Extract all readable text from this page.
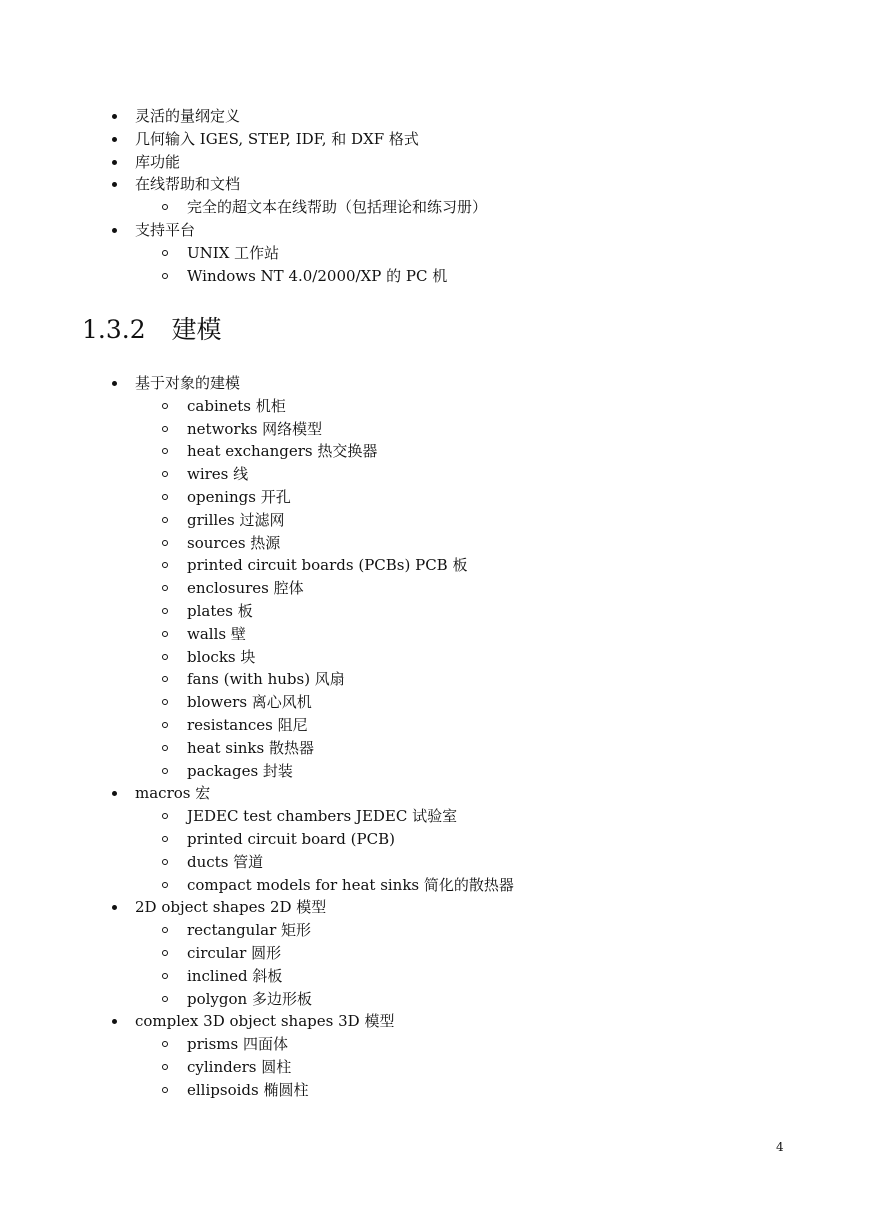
灵活的量纲定义
几何输入 IGES, STEP, IDF, 和 DXF 格式
库功能
在线帮助和文档
完全的超文本在线帮助（包括理论和练习册）
支持平台
UNIX 工作站
Windows NT 4.0/2000/XP 的 PC 机
1.3.2 建模
基于对象的建模
cabinets 机柜
networks 网络模型
heat exchangers 热交换器
wires 线
openings 开孔
grilles 过滤网
sources 热源
printed circuit boards (PCBs) PCB 板
enclosures 腔体
plates 板
walls 壁
blocks 块
fans (with hubs) 风扇
blowers 离心风机
resistances 阻尼
heat sinks 散热器
packages 封装
macros 宏
JEDEC test chambers JEDEC 试验室
printed circuit board (PCB)
ducts 管道
compact models for heat sinks 简化的散热器
2D object shapes 2D 模型
rectangular 矩形
circular 圆形
inclined 斜板
polygon 多边形板
complex 3D object shapes 3D 模型
prisms 四面体
cylinders 圆柱
ellipsoids 椭圆柱
4
